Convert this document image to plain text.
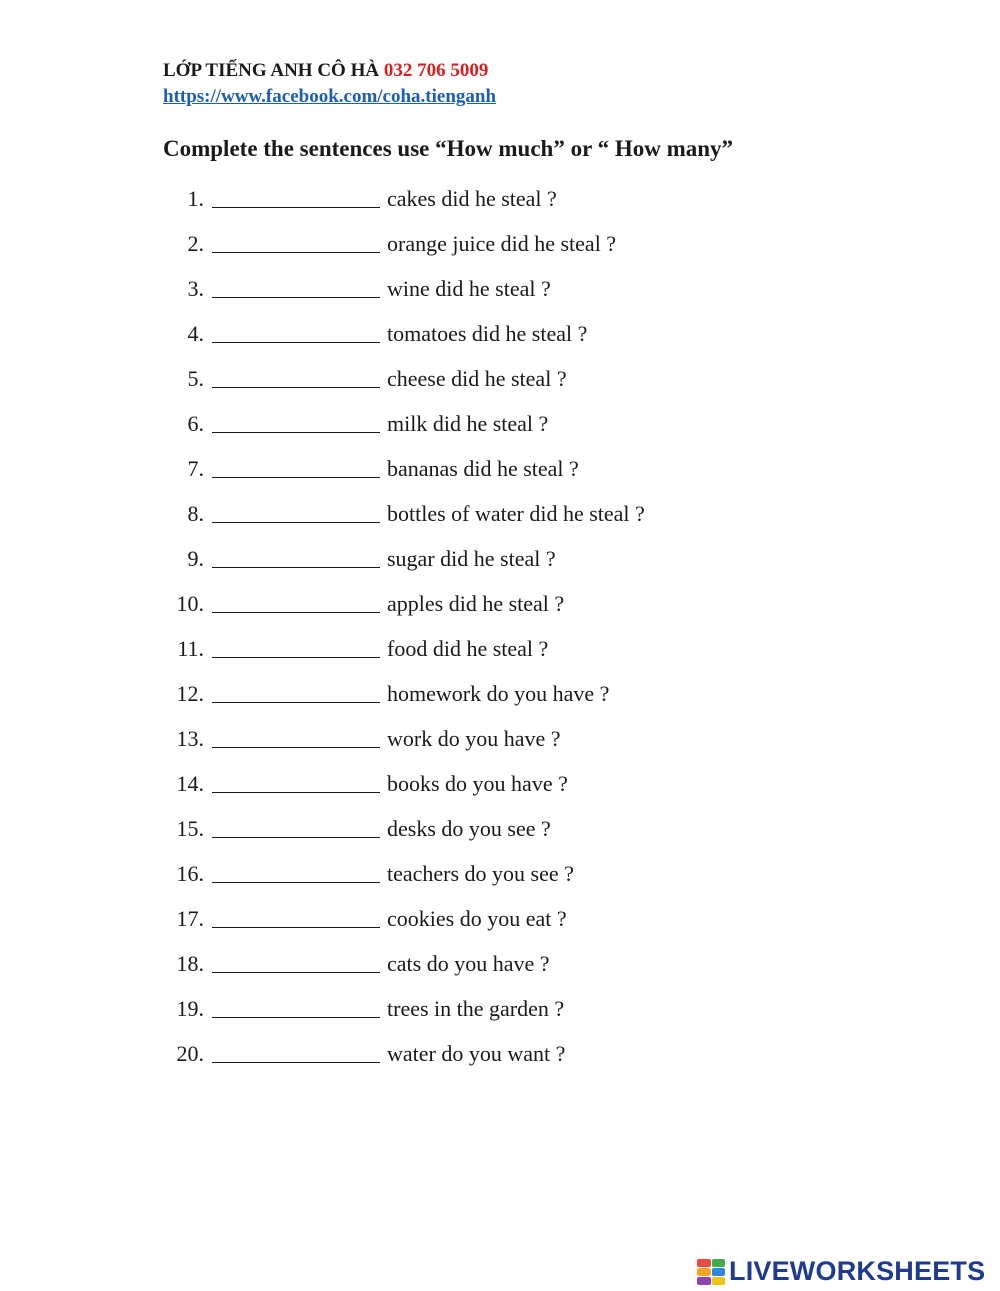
LỚP TIẾNG ANH CÔ HÀ 032 706 5009
https://www.facebook.com/coha.tienganh
Complete the sentences use “How much” or “ How many”
1.	cakes did he steal ?
2.	orange juice did he steal ?
3.	wine did he steal ?
4.	tomatoes did he steal ?
5.	cheese did he steal ?
6.	milk did he steal ?
7.	bananas did he steal ?
8.	bottles of water did he steal ?
9.	sugar did he steal ?
10.	apples did he steal ?
11.	food did he steal ?
12.	homework do you have ?
13.	work do you have ?
14.	books do you have ?
15.	desks do you see ?
16.	teachers do you see ?
17.	cookies do you eat ?
18.	cats do you have ?
19.	trees in the garden ?
20.	water do you want ?
LIVEWORKSHEETS
